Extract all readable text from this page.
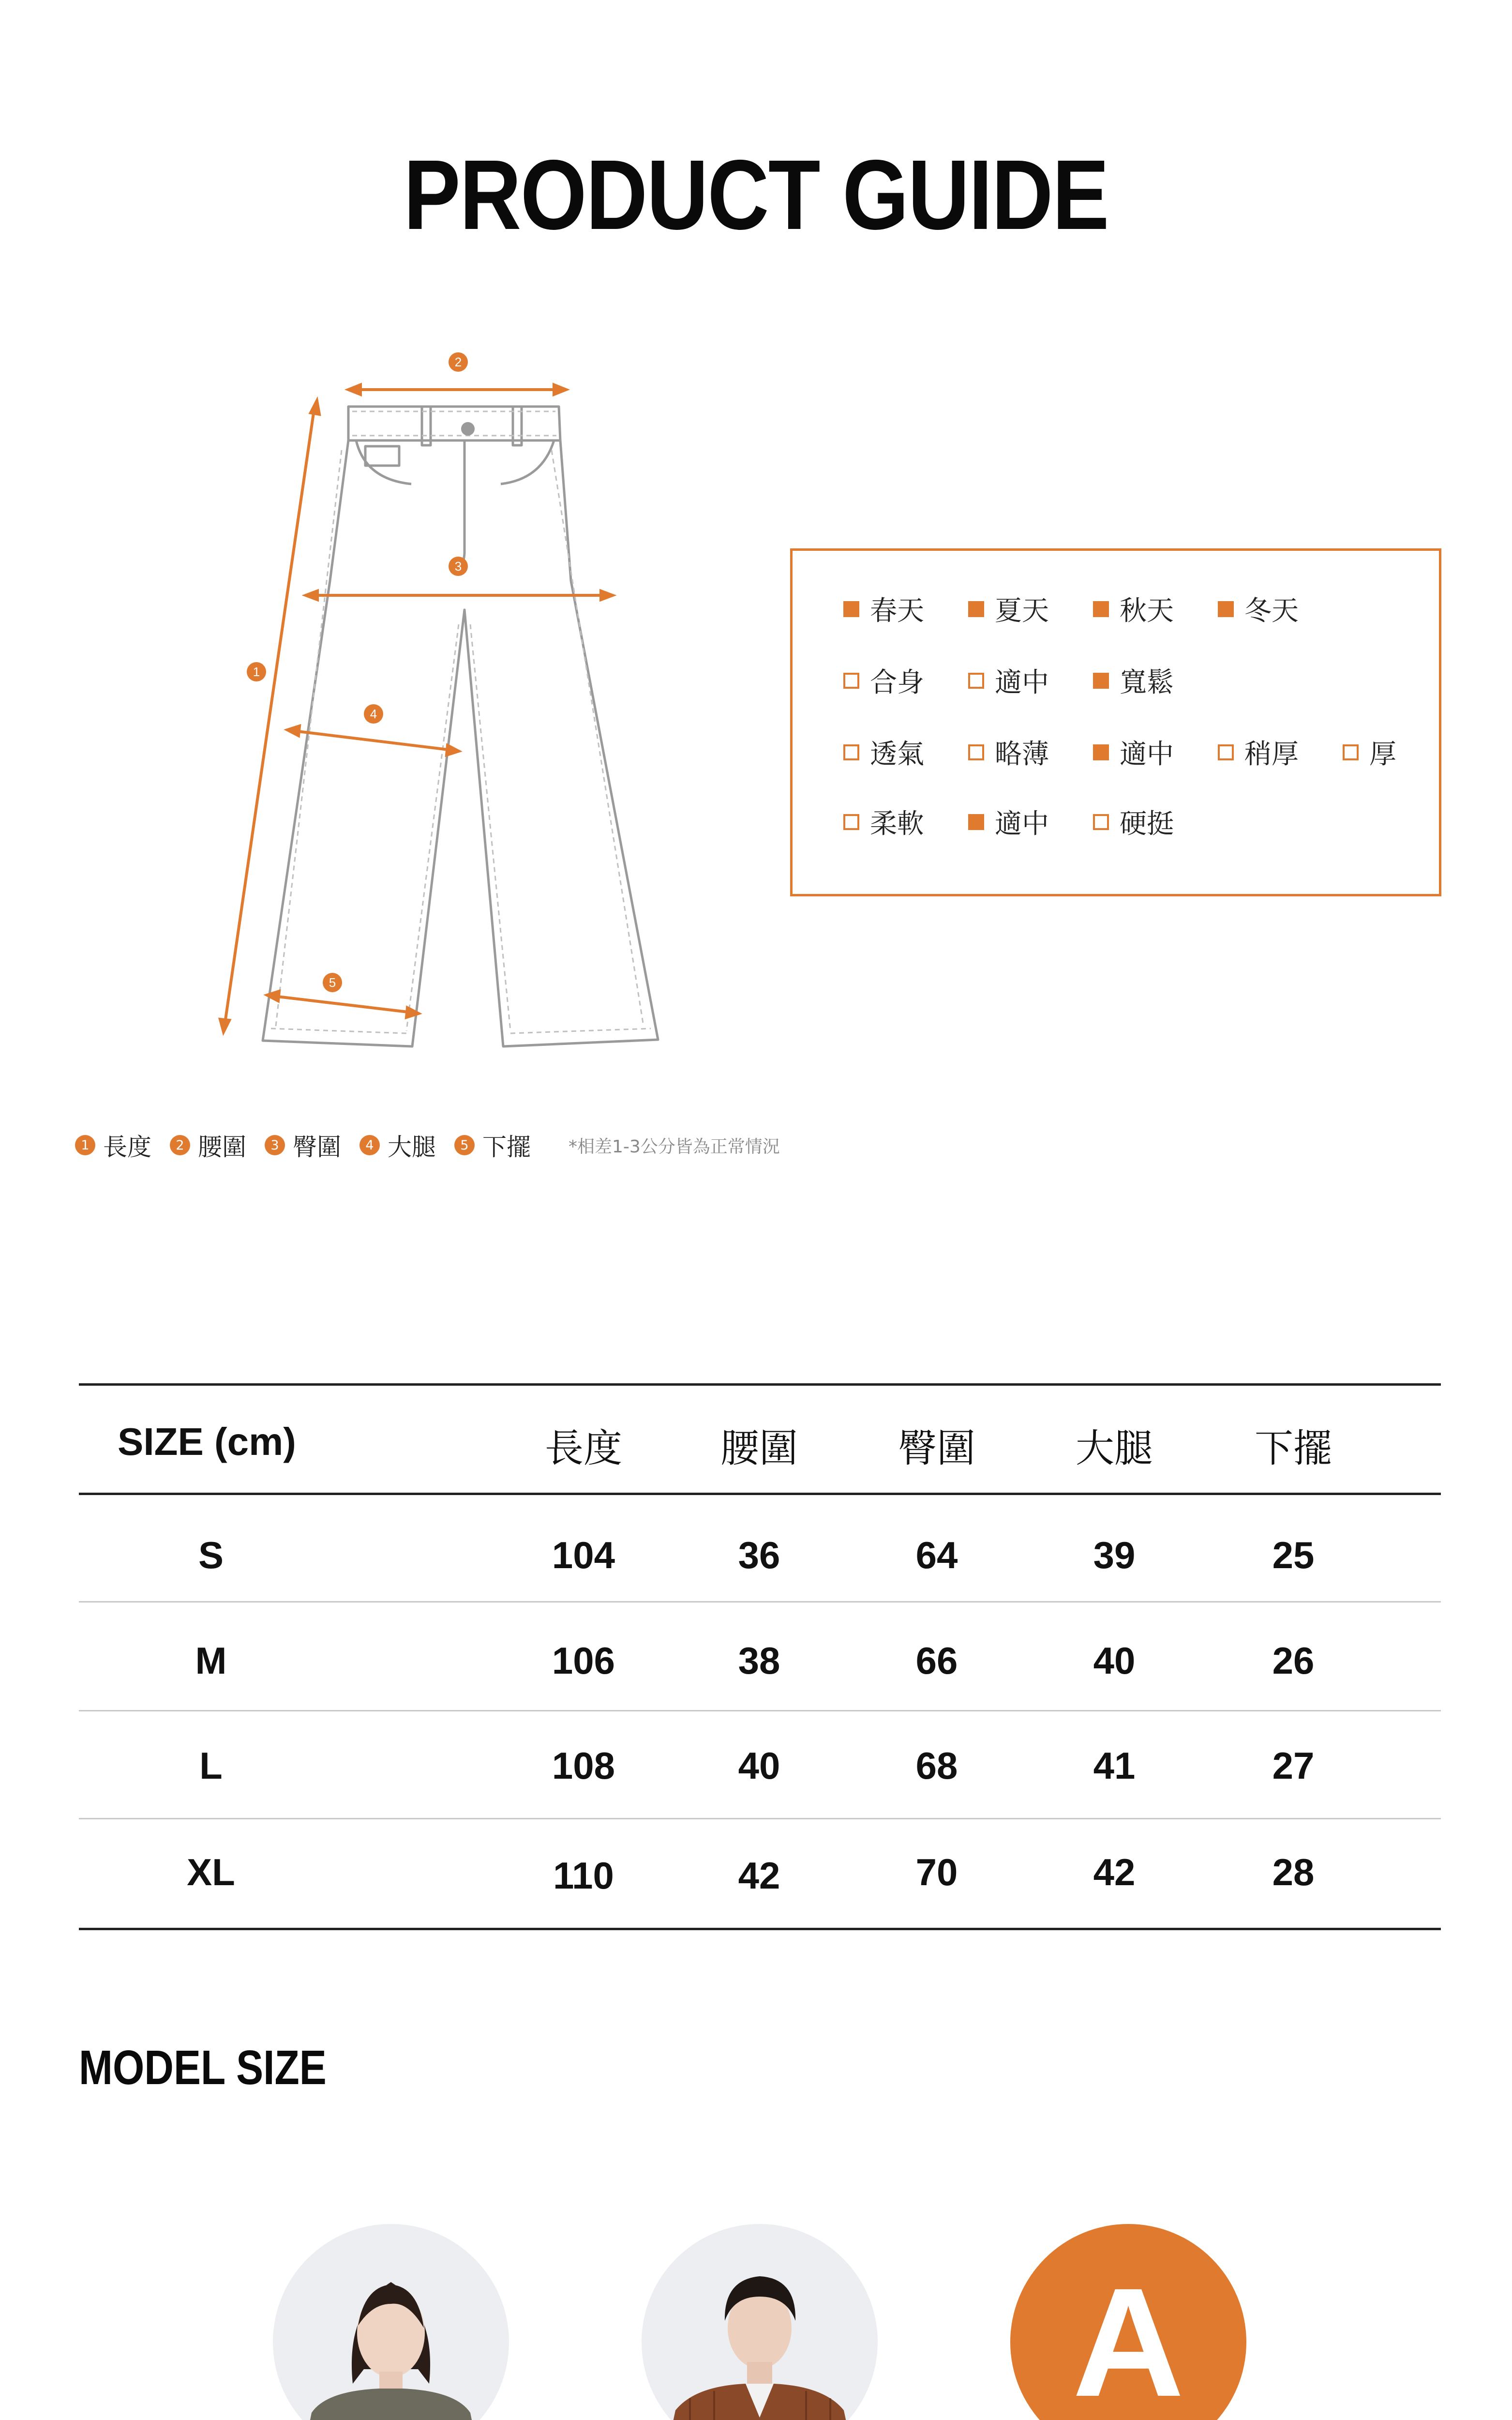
PRODUCT GUIDE
2
3
1
4
5
春天	夏天	秋天	冬天
合身	適中	寬鬆
透氣	略薄	適中	稍厚	厚
柔軟	適中	硬挺
1 長度	2 腰圍	3 臀圍	4 大腿	5 下擺 *相差1-3公分皆為正常情況
SIZE (cm)	長度	腰圍	臀圍	大腿	下擺
S	104	36	64	39	25
M	106	38	66	40	26
L	108	40	68	41	27
XL	110	42	70	42	28
MODEL SIZE
A
